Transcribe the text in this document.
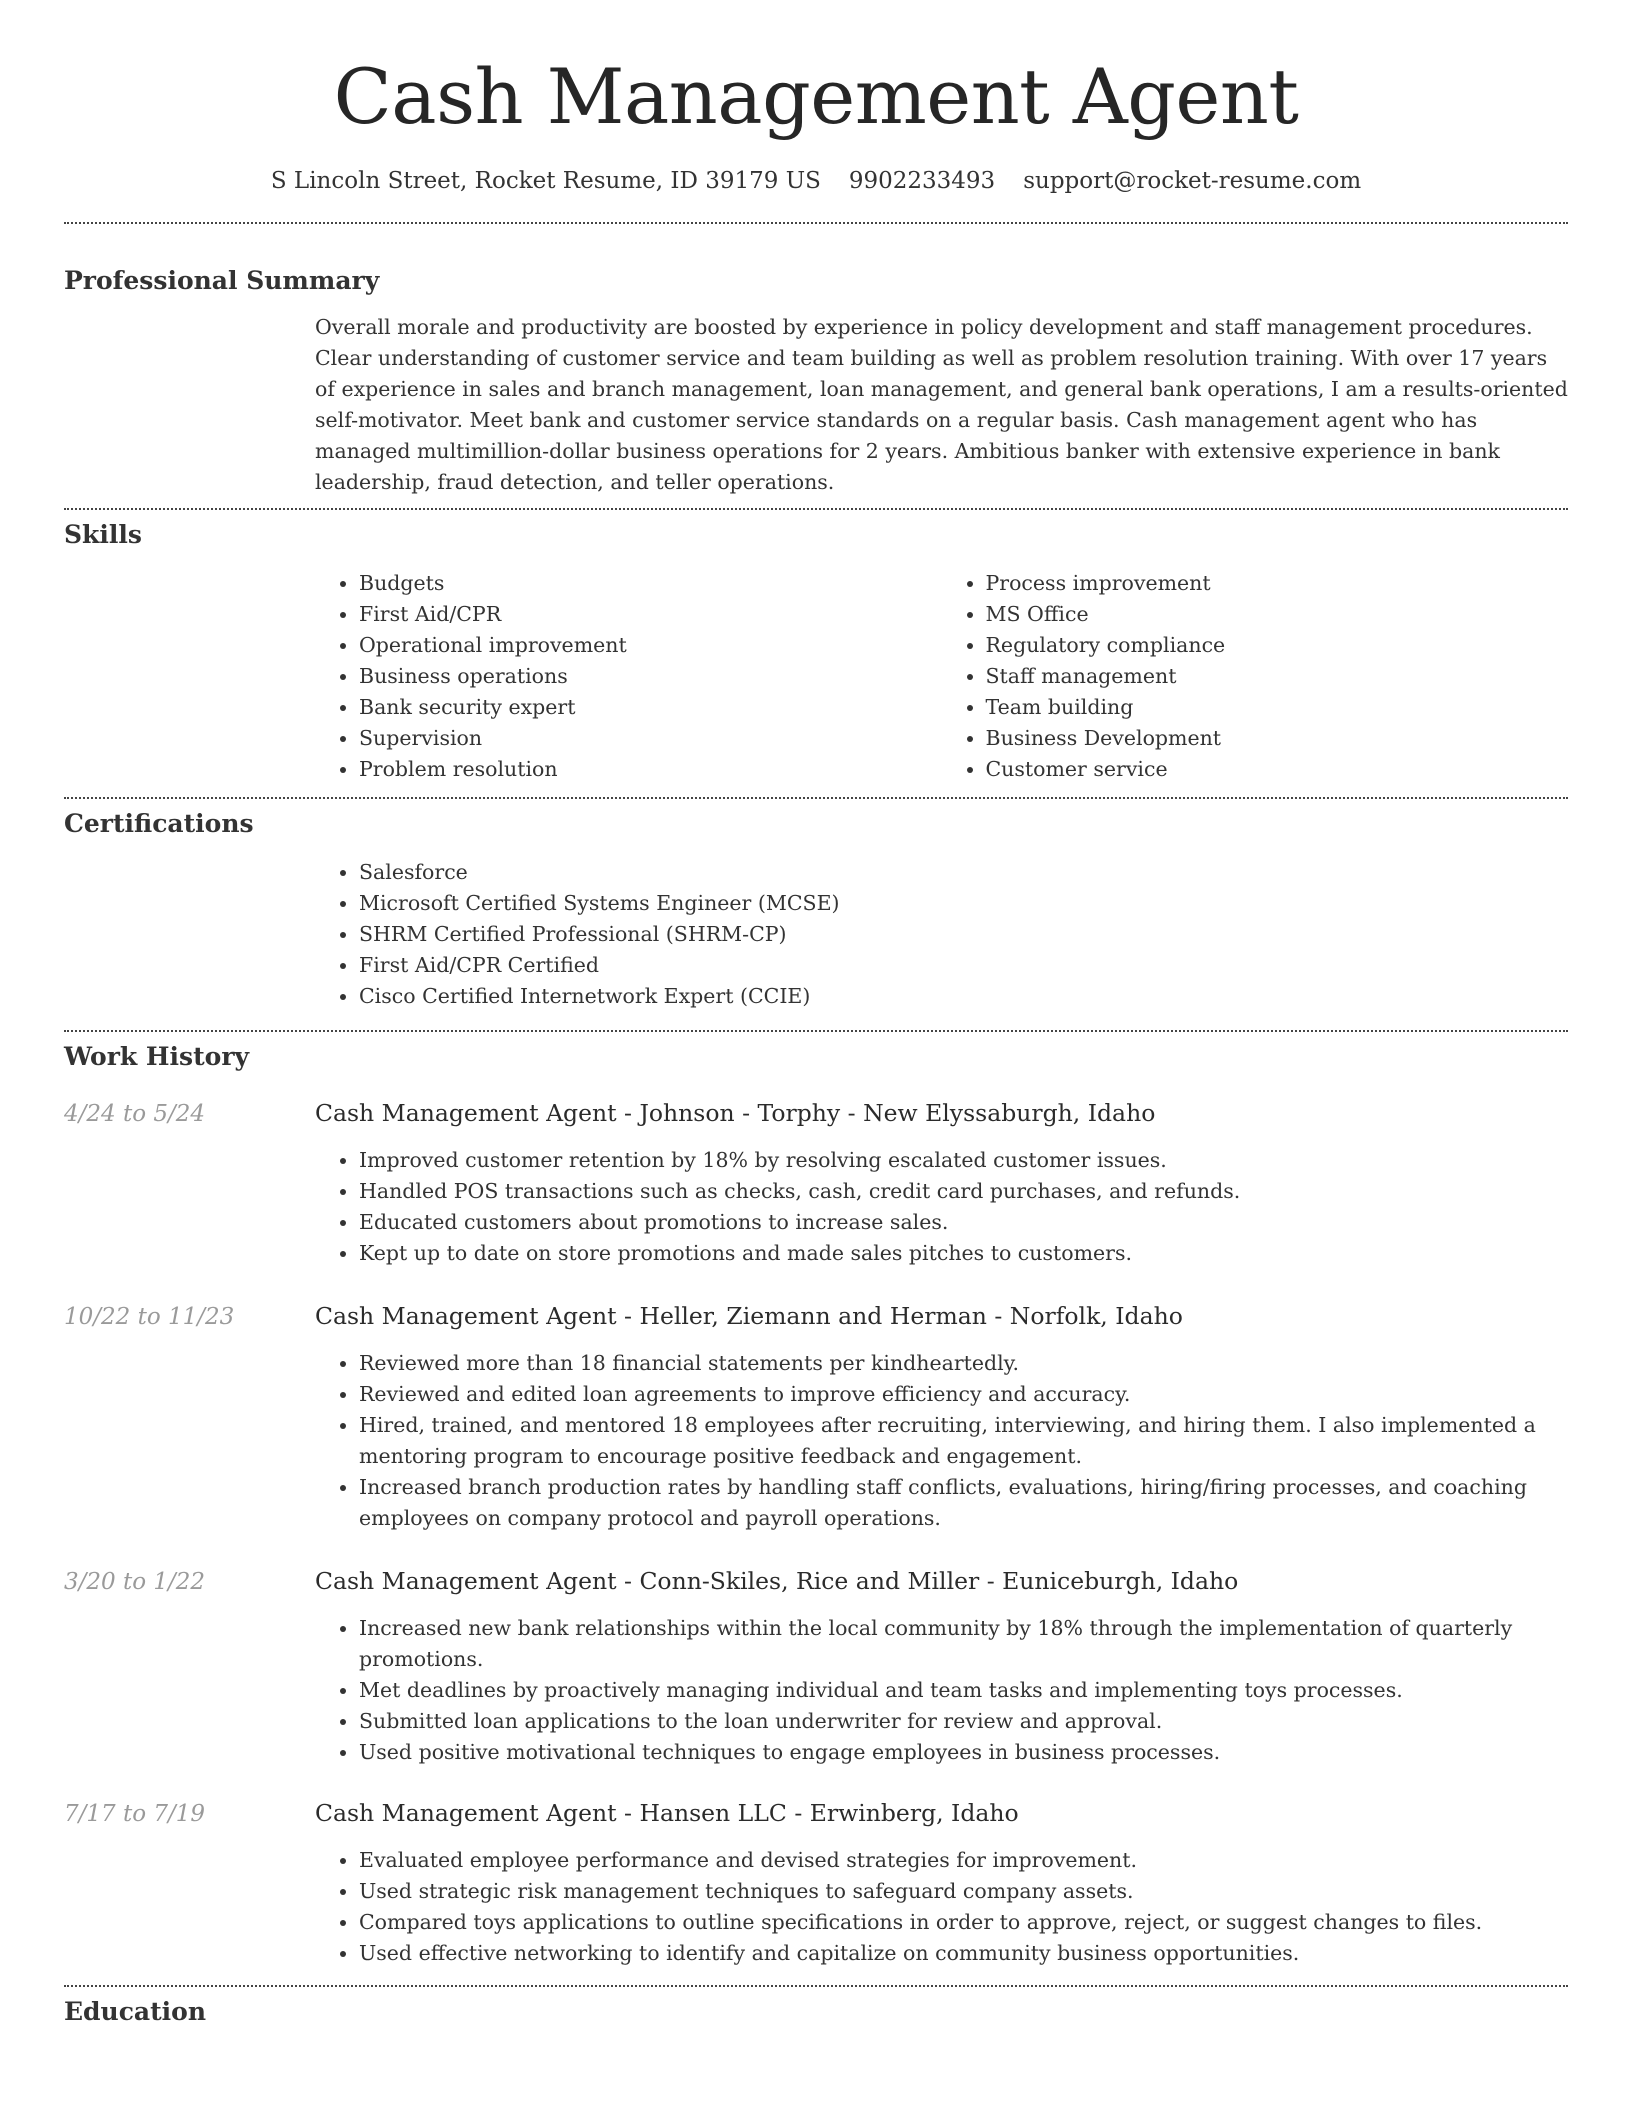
Cash Management Agent
S Lincoln Street, Rocket Resume, ID 39179 US 9902233493 support@rocket-resume.com
Professional Summary

Overall morale and productivity are boosted by experience in policy development and staff management procedures. Clear understanding of customer service and team building as well as problem resolution training. With over 17 years of experience in sales and branch management, loan management, and general bank operations, I am a results-oriented self-motivator. Meet bank and customer service standards on a regular basis. Cash management agent who has managed multimillion-dollar business operations for 2 years. Ambitious banker with extensive experience in bank leadership, fraud detection, and teller operations.

Skills
• Budgets
• First Aid/CPR
• Operational improvement
• Business operations
• Bank security expert
• Supervision
• Problem resolution
• Process improvement
• MS Office
• Regulatory compliance
• Staff management
• Team building
• Business Development
• Customer service
Certifications
• Salesforce
• Microsoft Certified Systems Engineer (MCSE)
• SHRM Certified Professional (SHRM-CP)
• First Aid/CPR Certified
• Cisco Certified Internetwork Expert (CCIE)
Work History
4/24 to 5/24	Cash Management Agent - Johnson - Torphy - New Elyssaburgh, Idaho
• Improved customer retention by 18% by resolving escalated customer issues.
• Handled POS transactions such as checks, cash, credit card purchases, and refunds.
• Educated customers about promotions to increase sales.
• Kept up to date on store promotions and made sales pitches to customers.
10/22 to 11/23	Cash Management Agent - Heller, Ziemann and Herman - Norfolk, Idaho
• Reviewed more than 18 financial statements per kindheartedly.
• Reviewed and edited loan agreements to improve efficiency and accuracy.
• Hired, trained, and mentored 18 employees after recruiting, interviewing, and hiring them. I also implemented a mentoring program to encourage positive feedback and engagement.
• Increased branch production rates by handling staff conflicts, evaluations, hiring/firing processes, and coaching employees on company protocol and payroll operations.
3/20 to 1/22	Cash Management Agent - Conn-Skiles, Rice and Miller - Euniceburgh, Idaho
• Increased new bank relationships within the local community by 18% through the implementation of quarterly promotions.
• Met deadlines by proactively managing individual and team tasks and implementing toys processes.
• Submitted loan applications to the loan underwriter for review and approval.
• Used positive motivational techniques to engage employees in business processes.
7/17 to 7/19	Cash Management Agent - Hansen LLC - Erwinberg, Idaho
• Evaluated employee performance and devised strategies for improvement.
• Used strategic risk management techniques to safeguard company assets.
• Compared toys applications to outline specifications in order to approve, reject, or suggest changes to files.
• Used effective networking to identify and capitalize on community business opportunities.
Education
